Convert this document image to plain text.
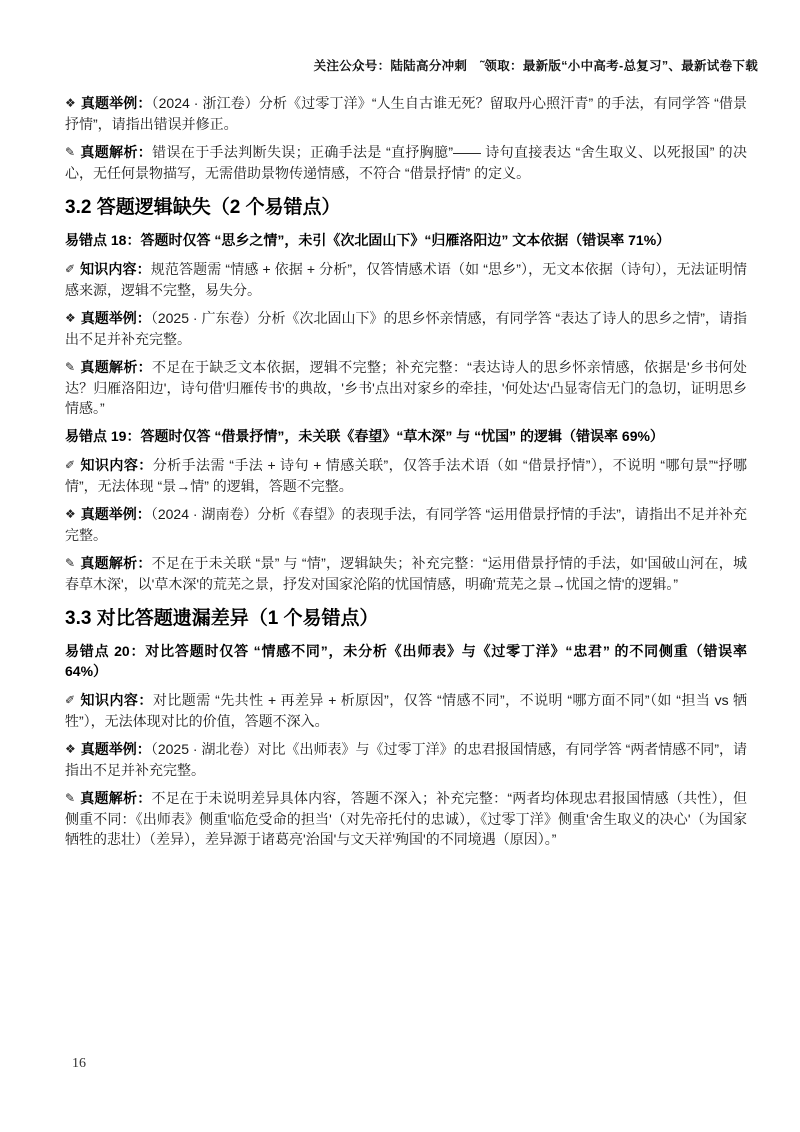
关注公众号：陆陆高分冲刺　˜领取：最新版“小中高考-总复习”、最新试卷下载

❖ 真题举例：（2024 · 浙江卷）分析《过零丁洋》“人生自古谁无死？留取丹心照汗青” 的手法，有同学答 “借景抒情”，请指出错误并修正。

✎ 真题解析：错误在于手法判断失误；正确手法是 “直抒胸臆”—— 诗句直接表达 “舍生取义、以死报国” 的决心，无任何景物描写，无需借助景物传递情感，不符合 “借景抒情” 的定义。

3.2 答题逻辑缺失（2 个易错点）
易错点 18：答题时仅答 “思乡之情”，未引《次北固山下》“归雁洛阳边” 文本依据（错误率 71%）

✐ 知识内容：规范答题需 “情感 + 依据 + 分析”，仅答情感术语（如 “思乡”），无文本依据（诗句），无法证明情感来源，逻辑不完整，易失分。

❖ 真题举例：（2025 · 广东卷）分析《次北固山下》的思乡怀亲情感，有同学答 “表达了诗人的思乡之情”，请指出不足并补充完整。

✎ 真题解析：不足在于缺乏文本依据，逻辑不完整；补充完整：“表达诗人的思乡怀亲情感，依据是'乡书何处达？归雁洛阳边'，诗句借'归雁传书'的典故，'乡书'点出对家乡的牵挂，'何处达'凸显寄信无门的急切，证明思乡情感。”

易错点 19：答题时仅答 “借景抒情”，未关联《春望》“草木深” 与 “忧国” 的逻辑（错误率 69%）

✐ 知识内容：分析手法需 “手法 + 诗句 + 情感关联”，仅答手法术语（如 “借景抒情”），不说明 “哪句景”“抒哪情”，无法体现 “景→情” 的逻辑，答题不完整。

❖ 真题举例：（2024 · 湖南卷）分析《春望》的表现手法，有同学答 “运用借景抒情的手法”，请指出不足并补充完整。

✎ 真题解析：不足在于未关联 “景” 与 “情”，逻辑缺失；补充完整：“运用借景抒情的手法，如'国破山河在，城春草木深'，以'草木深'的荒芜之景，抒发对国家沦陷的忧国情感，明确'荒芜之景→忧国之情'的逻辑。”

3.3 对比答题遗漏差异（1 个易错点）
易错点 20：对比答题时仅答 “情感不同”，未分析《出师表》与《过零丁洋》“忠君” 的不同侧重（错误率 64%）

✐ 知识内容：对比题需 “先共性 + 再差异 + 析原因”，仅答 “情感不同”，不说明 “哪方面不同”（如 “担当 vs 牺牲”），无法体现对比的价值，答题不深入。

❖ 真题举例：（2025 · 湖北卷）对比《出师表》与《过零丁洋》的忠君报国情感，有同学答 “两者情感不同”，请指出不足并补充完整。

✎ 真题解析：不足在于未说明差异具体内容，答题不深入；补充完整：“两者均体现忠君报国情感（共性），但侧重不同：《出师表》侧重'临危受命的担当'（对先帝托付的忠诚），《过零丁洋》侧重'舍生取义的决心'（为国家牺牲的悲壮）（差异），差异源于诸葛亮'治国'与文天祥'殉国'的不同境遇（原因）。”

16
